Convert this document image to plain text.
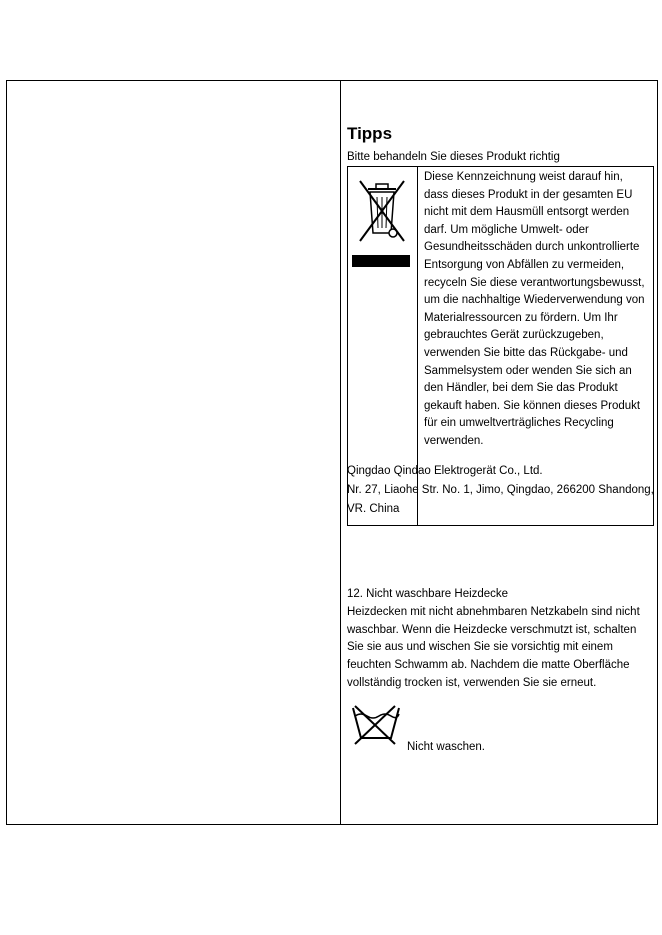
Tipps
Bitte behandeln Sie dieses Produkt richtig
Diese Kennzeichnung weist darauf hin,
dass dieses Produkt in der gesamten EU
nicht mit dem Hausmüll entsorgt werden
darf. Um mögliche Umwelt- oder
Gesundheitsschäden durch unkontrollierte
Entsorgung von Abfällen zu vermeiden,
recyceln Sie diese verantwortungsbewusst,
um die nachhaltige Wiederverwendung von
Materialressourcen zu fördern. Um Ihr
gebrauchtes Gerät zurückzugeben,
verwenden Sie bitte das Rückgabe- und
Sammelsystem oder wenden Sie sich an
den Händler, bei dem Sie das Produkt
gekauft haben. Sie können dieses Produkt
für ein umweltverträgliches Recycling
verwenden.
Qingdao Qindao Elektrogerät Co., Ltd.
Nr. 27, Liaohe Str. No. 1, Jimo, Qingdao, 266200 Shandong,
VR. China
12. Nicht waschbare Heizdecke
Heizdecken mit nicht abnehmbaren Netzkabeln sind nicht
waschbar. Wenn die Heizdecke verschmutzt ist, schalten
Sie sie aus und wischen Sie sie vorsichtig mit einem
feuchten Schwamm ab. Nachdem die matte Oberfläche
vollständig trocken ist, verwenden Sie sie erneut.
Nicht waschen.
